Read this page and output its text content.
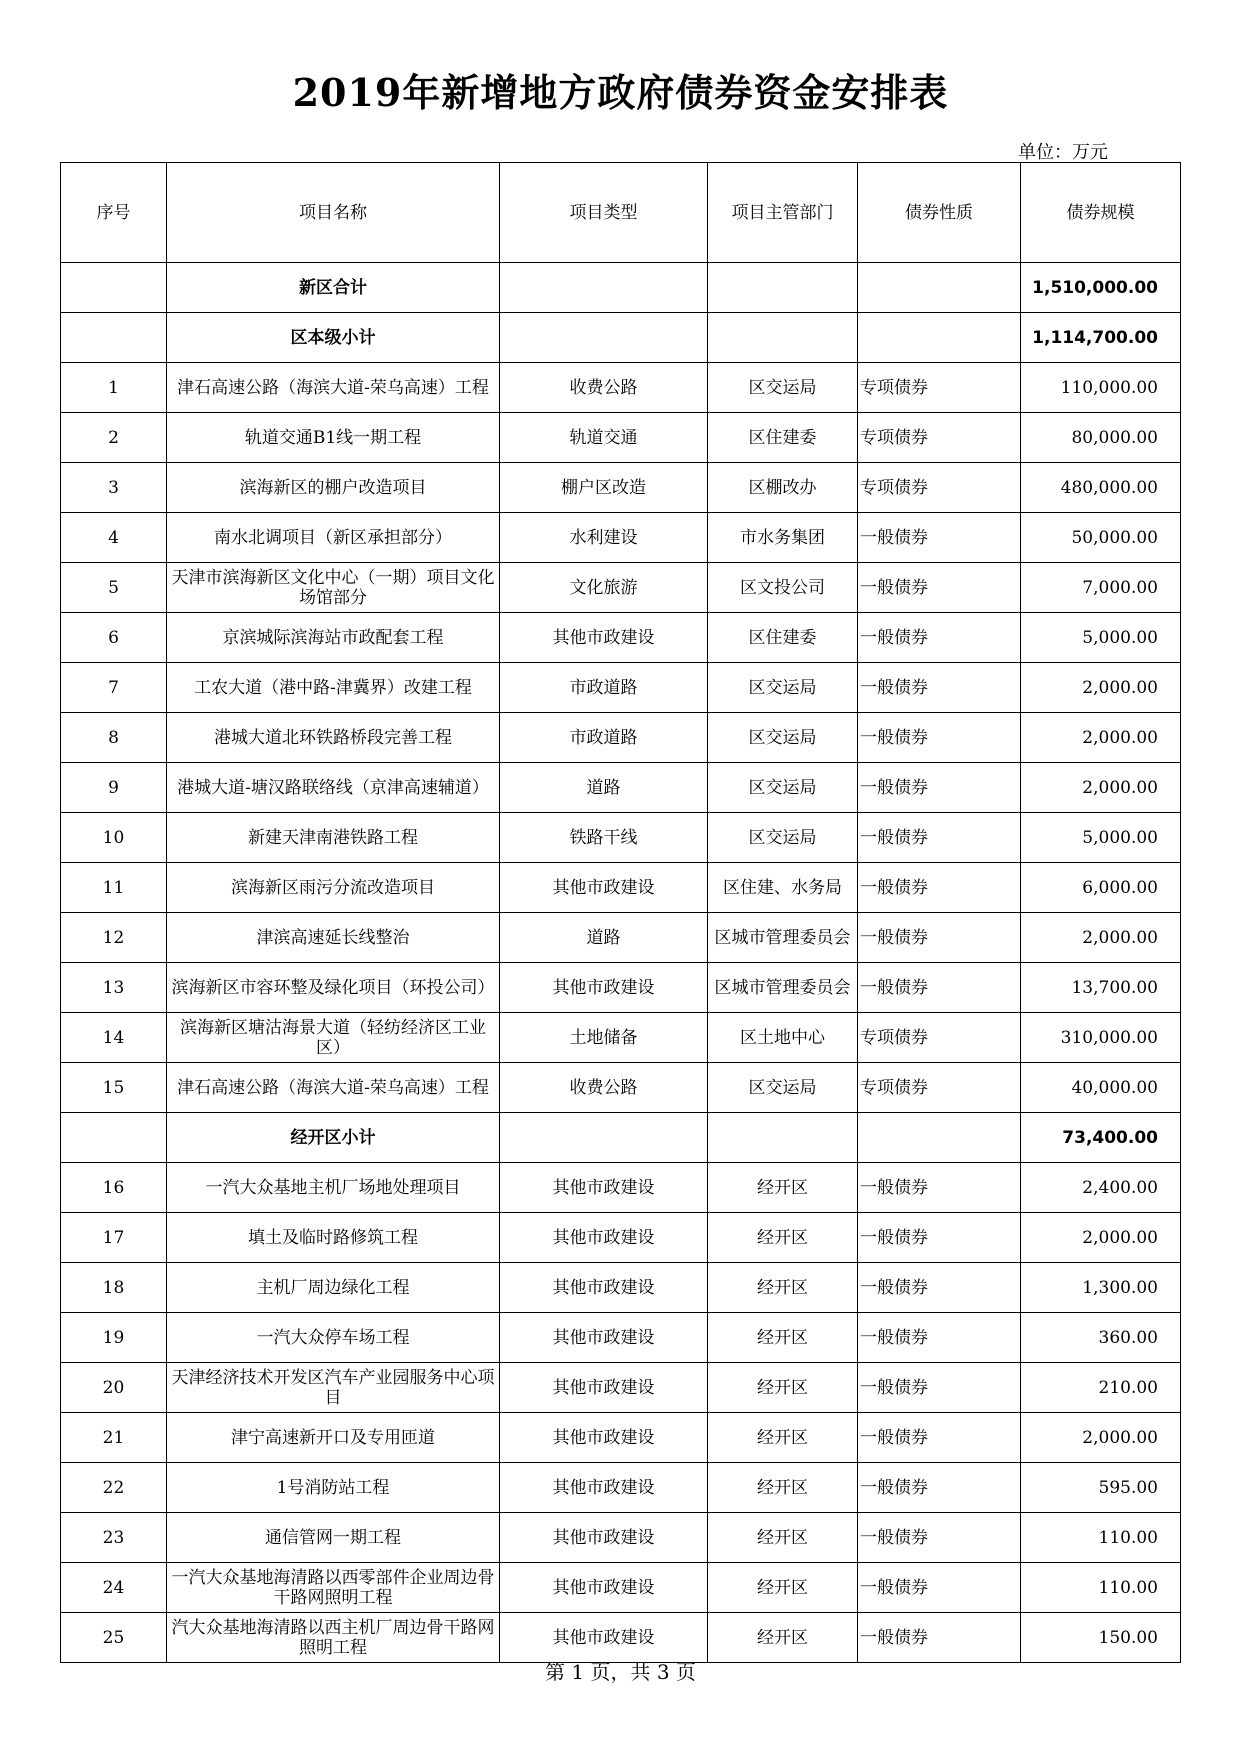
2019年新增地方政府债券资金安排表
单位：万元
序号	项目名称	项目类型	项目主管部门	债券性质	债券规模
	新区合计				1,510,000.00
	区本级小计				1,114,700.00
1	津石高速公路（海滨大道-荣乌高速）工程	收费公路	区交运局	专项债券	110,000.00
2	轨道交通B1线一期工程	轨道交通	区住建委	专项债券	80,000.00
3	滨海新区的棚户改造项目	棚户区改造	区棚改办	专项债券	480,000.00
4	南水北调项目（新区承担部分）	水利建设	市水务集团	一般债券	50,000.00
5	天津市滨海新区文化中心（一期）项目文化场馆部分	文化旅游	区文投公司	一般债券	7,000.00
6	京滨城际滨海站市政配套工程	其他市政建设	区住建委	一般债券	5,000.00
7	工农大道（港中路-津冀界）改建工程	市政道路	区交运局	一般债券	2,000.00
8	港城大道北环铁路桥段完善工程	市政道路	区交运局	一般债券	2,000.00
9	港城大道-塘汉路联络线（京津高速辅道）	道路	区交运局	一般债券	2,000.00
10	新建天津南港铁路工程	铁路干线	区交运局	一般债券	5,000.00
11	滨海新区雨污分流改造项目	其他市政建设	区住建、水务局	一般债券	6,000.00
12	津滨高速延长线整治	道路	区城市管理委员会	一般债券	2,000.00
13	滨海新区市容环整及绿化项目（环投公司）	其他市政建设	区城市管理委员会	一般债券	13,700.00
14	滨海新区塘沽海景大道（轻纺经济区工业区）	土地储备	区土地中心	专项债券	310,000.00
15	津石高速公路（海滨大道-荣乌高速）工程	收费公路	区交运局	专项债券	40,000.00
	经开区小计				73,400.00
16	一汽大众基地主机厂场地处理项目	其他市政建设	经开区	一般债券	2,400.00
17	填土及临时路修筑工程	其他市政建设	经开区	一般债券	2,000.00
18	主机厂周边绿化工程	其他市政建设	经开区	一般债券	1,300.00
19	一汽大众停车场工程	其他市政建设	经开区	一般债券	360.00
20	天津经济技术开发区汽车产业园服务中心项目	其他市政建设	经开区	一般债券	210.00
21	津宁高速新开口及专用匝道	其他市政建设	经开区	一般债券	2,000.00
22	1号消防站工程	其他市政建设	经开区	一般债券	595.00
23	通信管网一期工程	其他市政建设	经开区	一般债券	110.00
24	一汽大众基地海清路以西零部件企业周边骨干路网照明工程	其他市政建设	经开区	一般债券	110.00
25	汽大众基地海清路以西主机厂周边骨干路网照明工程	其他市政建设	经开区	一般债券	150.00
第 1 页，共 3 页
